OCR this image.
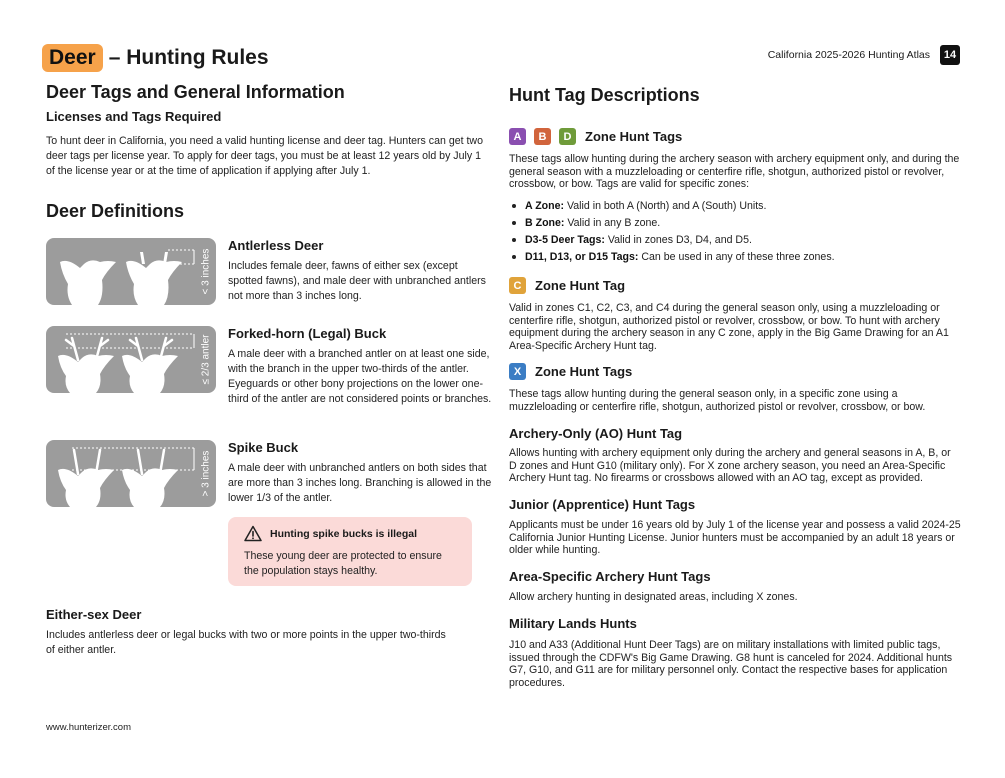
Deer – Hunting Rules	California 2025-2026 Hunting Atlas	14
Deer Tags and General Information
Licenses and Tags Required

To hunt deer in California, you need a valid hunting license and deer tag. Hunters can get two deer tags per license year. To apply for deer tags, you must be at least 12 years old by July 1 of the license year or at the time of application if applying after July 1.

Deer Definitions
< 3 inches
Antlerless Deer

Includes female deer, fawns of either sex (except spotted fawns), and male deer with unbranched antlers not more than 3 inches long.

≤ 2/3 antler
Forked-horn (Legal) Buck

A male deer with a branched antler on at least one side, with the branch in the upper two-thirds of the antler. Eyeguards or other bony projections on the lower one-third of the antler are not considered points or branches.

> 3 inches
Spike Buck

A male deer with unbranched antlers on both sides that are more than 3 inches long. Branching is allowed in the lower 1/3 of the antler.

Hunting spike bucks is illegal
These young deer are protected to ensure the population stays healthy.
Either-sex Deer

Includes antlerless deer or legal bucks with two or more points in the upper two-thirds of either antler.

Hunt Tag Descriptions
A	B	D	Zone Hunt Tags

These tags allow hunting during the archery season with archery equipment only, and during the general season with a muzzleloading or centerfire rifle, shotgun, authorized pistol or revolver, crossbow, or bow. Tags are valid for specific zones:

A Zone: Valid in both A (North) and A (South) Units.
B Zone: Valid in any B zone.
D3-5 Deer Tags: Valid in zones D3, D4, and D5.
D11, D13, or D15 Tags: Can be used in any of these three zones.
C	Zone Hunt Tag

Valid in zones C1, C2, C3, and C4 during the general season only, using a muzzleloading or centerfire rifle, shotgun, authorized pistol or revolver, crossbow, or bow. To hunt with archery equipment during the archery season in any C zone, apply in the Big Game Drawing for an A1 Area-Specific Archery Hunt tag.

X	Zone Hunt Tags

These tags allow hunting during the general season only, in a specific zone using a muzzleloading or centerfire rifle, shotgun, authorized pistol or revolver, crossbow, or bow.

Archery-Only (AO) Hunt Tag

Allows hunting with archery equipment only during the archery and general seasons in A, B, or D zones and Hunt G10 (military only). For X zone archery season, you need an Area-Specific Archery Hunt tag. No firearms or crossbows allowed with an AO tag, except as provided.

Junior (Apprentice) Hunt Tags

Applicants must be under 16 years old by July 1 of the license year and possess a valid 2024-25 California Junior Hunting License. Junior hunters must be accompanied by an adult 18 years or older while hunting.

Area-Specific Archery Hunt Tags

Allow archery hunting in designated areas, including X zones.

Military Lands Hunts

J10 and A33 (Additional Hunt Deer Tags) are on military installations with limited public tags, issued through the CDFW's Big Game Drawing. G8 hunt is canceled for 2024. Additional hunts G7, G10, and G11 are for military personnel only. Contact the respective bases for application procedures.

www.hunterizer.com
